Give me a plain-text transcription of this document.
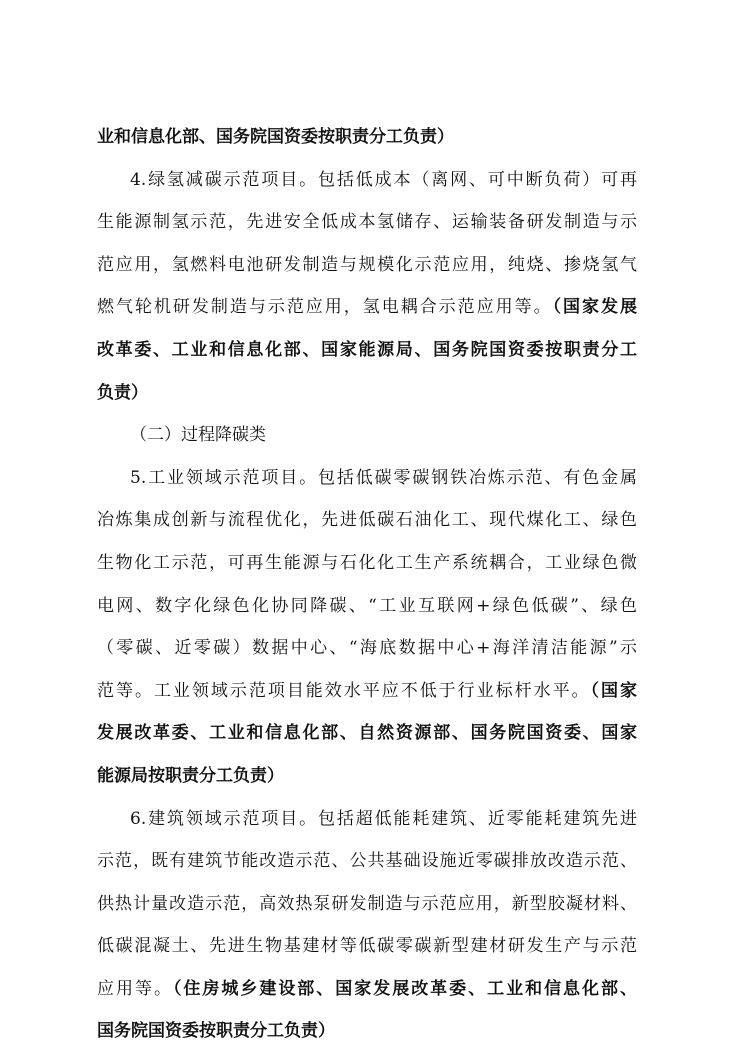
业和信息化部、国务院国资委按职责分工负责）
4.绿氢减碳示范项目。包括低成本（离网、可中断负荷）可再
生能源制氢示范，先进安全低成本氢储存、运输装备研发制造与示
范应用，氢燃料电池研发制造与规模化示范应用，纯烧、掺烧氢气
燃气轮机研发制造与示范应用，氢电耦合示范应用等。（国家发展
改革委、工业和信息化部、国家能源局、国务院国资委按职责分工
负责）
（二）过程降碳类
5.工业领域示范项目。包括低碳零碳钢铁冶炼示范、有色金属
冶炼集成创新与流程优化，先进低碳石油化工、现代煤化工、绿色
生物化工示范，可再生能源与石化化工生产系统耦合，工业绿色微
电网、数字化绿色化协同降碳、“工业互联网+绿色低碳”、绿色
（零碳、近零碳）数据中心、“海底数据中心+海洋清洁能源”示
范等。工业领域示范项目能效水平应不低于行业标杆水平。（国家
发展改革委、工业和信息化部、自然资源部、国务院国资委、国家
能源局按职责分工负责）
6.建筑领域示范项目。包括超低能耗建筑、近零能耗建筑先进
示范，既有建筑节能改造示范、公共基础设施近零碳排放改造示范、
供热计量改造示范，高效热泵研发制造与示范应用，新型胶凝材料、
低碳混凝土、先进生物基建材等低碳零碳新型建材研发生产与示范
应用等。（住房城乡建设部、国家发展改革委、工业和信息化部、
国务院国资委按职责分工负责）
